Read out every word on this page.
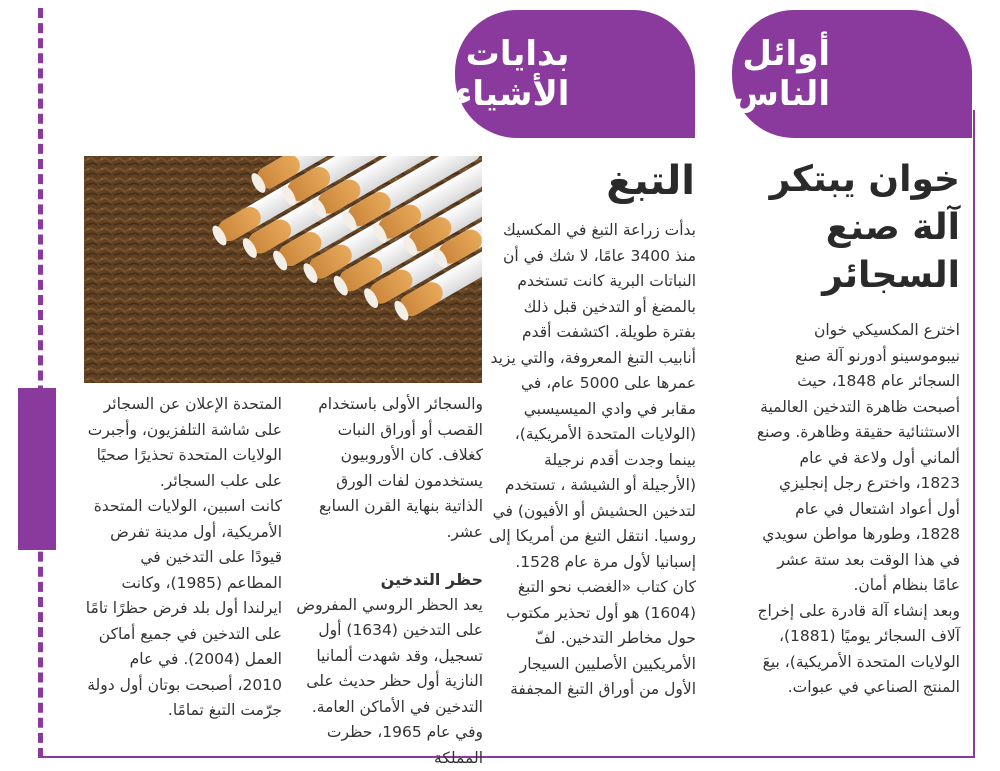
أوائل
الناس
بدايات
الأشياء
خوان يبتكر
آلة صنع
السجائر

اخترع المكسيكي خوان نيبوموسينو أدورنو آلة صنع السجائر عام 1848، حيث أصبحت ظاهرة التدخين العالمية الاستثنائية حقيقة وظاهرة. وصنع ألماني أول ولاعة في عام 1823، واخترع رجل إنجليزي أول أعواد اشتعال في عام 1828، وطورها مواطن سويدي في هذا الوقت بعد ستة عشر عامًا بنظام أمان.

وبعد إنشاء آلة قادرة على إخراج آلاف السجائر يوميًا (1881)، الولايات المتحدة الأمريكية)، بيعَ المنتج الصناعي في عبوات.

التبغ

بدأت زراعة التبغ في المكسيك منذ 3400 عامًا، لا شك في أن النباتات البرية كانت تستخدم بالمضغ أو التدخين قبل ذلك بفترة طويلة. اكتشفت أقدم أنابيب التبغ المعروفة، والتي يزيد عمرها على 5000 عام، في مقابر في وادي الميسيسبي (الولايات المتحدة الأمريكية)، بينما وجدت أقدم نرجيلة (الأرجيلة أو الشيشة ، تستخدم لتدخين الحشيش أو الأفيون) في روسيا. انتقل التبغ من أمريكا إلى إسبانيا لأول مرة عام 1528. كان كتاب «الغضب نحو التبغ (1604) هو أول تحذير مكتوب حول مخاطر التدخين. لفّ الأمريكيين الأصليين السيجار الأول من أوراق التبغ المجففة

والسجائر الأولى باستخدام القصب أو أوراق النبات كغلاف. كان الأوروبيون يستخدمون لفات الورق الذاتية بنهاية القرن السابع عشر.

حظر التدخين

يعد الحظر الروسي المفروض على التدخين (1634) أول تسجيل، وقد شهدت ألمانيا النازية أول حظر حديث على التدخين في الأماكن العامة. وفي عام 1965، حظرت المملكة

المتحدة الإعلان عن السجائر على شاشة التلفزيون، وأجبرت الولايات المتحدة تحذيرًا صحيًا على علب السجائر.

كانت اسبين، الولايات المتحدة الأمريكية، أول مدينة تفرض قيودًا على التدخين في المطاعم (1985)، وكانت ايرلندا أول بلد فرض حظرًا تامًا على التدخين في جميع أماكن العمل (2004). في عام 2010، أصبحت بوتان أول دولة جرّمت التبغ تمامًا.
